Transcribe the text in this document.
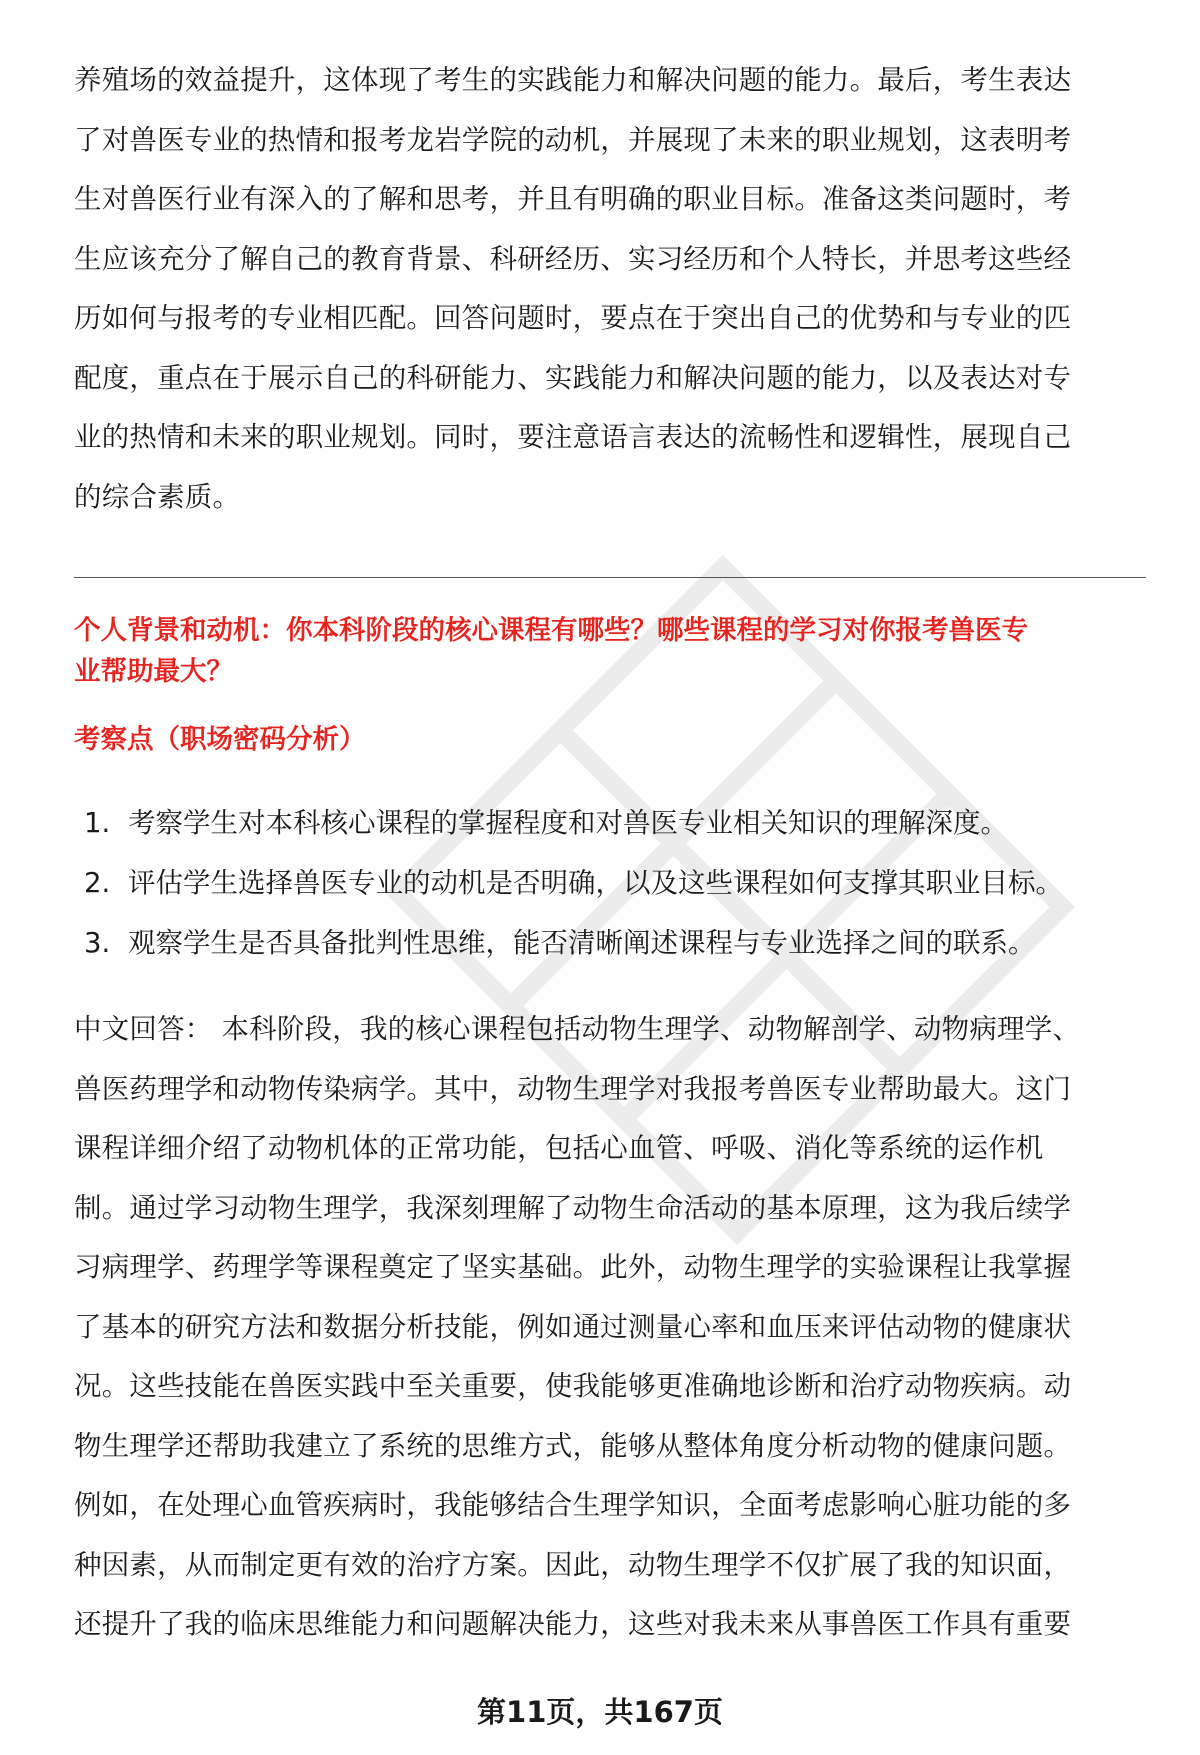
养殖场的效益提升，这体现了考生的实践能力和解决问题的能力。最后，考生表达
了对兽医专业的热情和报考龙岩学院的动机，并展现了未来的职业规划，这表明考
生对兽医行业有深入的了解和思考，并且有明确的职业目标。准备这类问题时，考
生应该充分了解自己的教育背景、科研经历、实习经历和个人特长，并思考这些经
历如何与报考的专业相匹配。回答问题时，要点在于突出自己的优势和与专业的匹
配度，重点在于展示自己的科研能力、实践能力和解决问题的能力，以及表达对专
业的热情和未来的职业规划。同时，要注意语言表达的流畅性和逻辑性，展现自己
的综合素质。
个人背景和动机：你本科阶段的核心课程有哪些？哪些课程的学习对你报考兽医专
业帮助最大？
考察点（职场密码分析）
1. 考察学生对本科核心课程的掌握程度和对兽医专业相关知识的理解深度。
2. 评估学生选择兽医专业的动机是否明确，以及这些课程如何支撑其职业目标。
3. 观察学生是否具备批判性思维，能否清晰阐述课程与专业选择之间的联系。
中文回答： 本科阶段，我的核心课程包括动物生理学、动物解剖学、动物病理学、
兽医药理学和动物传染病学。其中，动物生理学对我报考兽医专业帮助最大。这门
课程详细介绍了动物机体的正常功能，包括心血管、呼吸、消化等系统的运作机
制。通过学习动物生理学，我深刻理解了动物生命活动的基本原理，这为我后续学
习病理学、药理学等课程奠定了坚实基础。此外，动物生理学的实验课程让我掌握
了基本的研究方法和数据分析技能，例如通过测量心率和血压来评估动物的健康状
况。这些技能在兽医实践中至关重要，使我能够更准确地诊断和治疗动物疾病。动
物生理学还帮助我建立了系统的思维方式，能够从整体角度分析动物的健康问题。
例如，在处理心血管疾病时，我能够结合生理学知识，全面考虑影响心脏功能的多
种因素，从而制定更有效的治疗方案。因此，动物生理学不仅扩展了我的知识面，
还提升了我的临床思维能力和问题解决能力，这些对我未来从事兽医工作具有重要
第11页，共167页
